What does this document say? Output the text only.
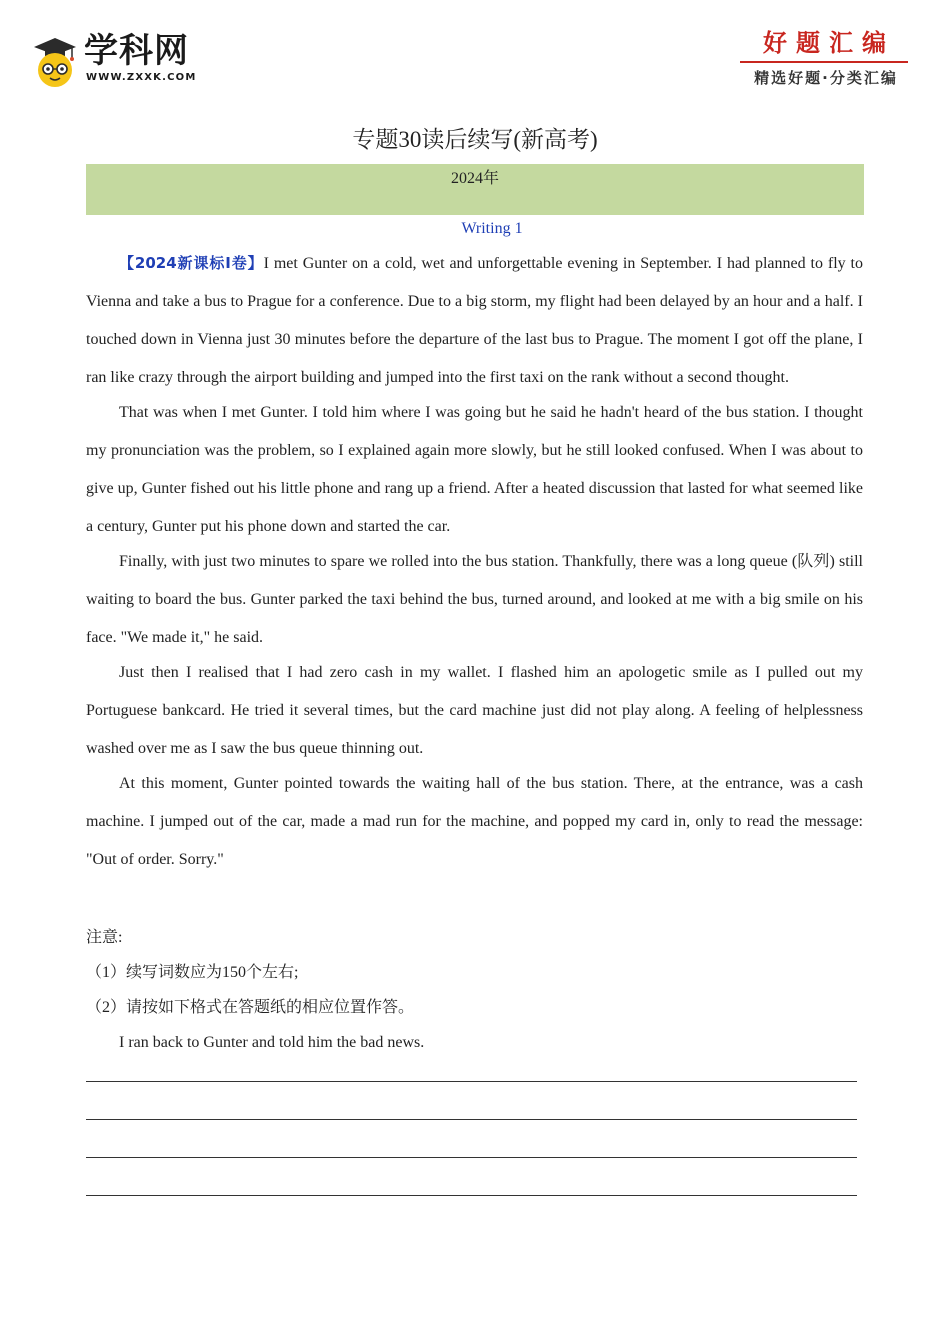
学科网
WWW.ZXXK.COM
好题汇编
精选好题·分类汇编
专题30读后续写(新高考)
2024年
Writing 1

【2024新课标Ⅰ卷】I met Gunter on a cold, wet and unforgettable evening in September. I had planned to fly to Vienna and take a bus to Prague for a conference. Due to a big storm, my flight had been delayed by an hour and a half. I touched down in Vienna just 30 minutes before the departure of the last bus to Prague. The moment I got off the plane, I ran like crazy through the airport building and jumped into the first taxi on the rank without a second thought.

That was when I met Gunter. I told him where I was going but he said he hadn't heard of the bus station. I thought my pronunciation was the problem, so I explained again more slowly, but he still looked confused. When I was about to give up, Gunter fished out his little phone and rang up a friend. After a heated discussion that lasted for what seemed like a century, Gunter put his phone down and started the car.

Finally, with just two minutes to spare we rolled into the bus station. Thankfully, there was a long queue (队列) still waiting to board the bus. Gunter parked the taxi behind the bus, turned around, and looked at me with a big smile on his face. "We made it," he said.

Just then I realised that I had zero cash in my wallet. I flashed him an apologetic smile as I pulled out my Portuguese bankcard. He tried it several times, but the card machine just did not play along. A feeling of helplessness washed over me as I saw the bus queue thinning out.

At this moment, Gunter pointed towards the waiting hall of the bus station. There, at the entrance, was a cash machine. I jumped out of the car, made a mad run for the machine, and popped my card in, only to read the message: "Out of order. Sorry."

注意:
（1）续写词数应为150个左右;
（2）请按如下格式在答题纸的相应位置作答。
I ran back to Gunter and told him the bad news.
